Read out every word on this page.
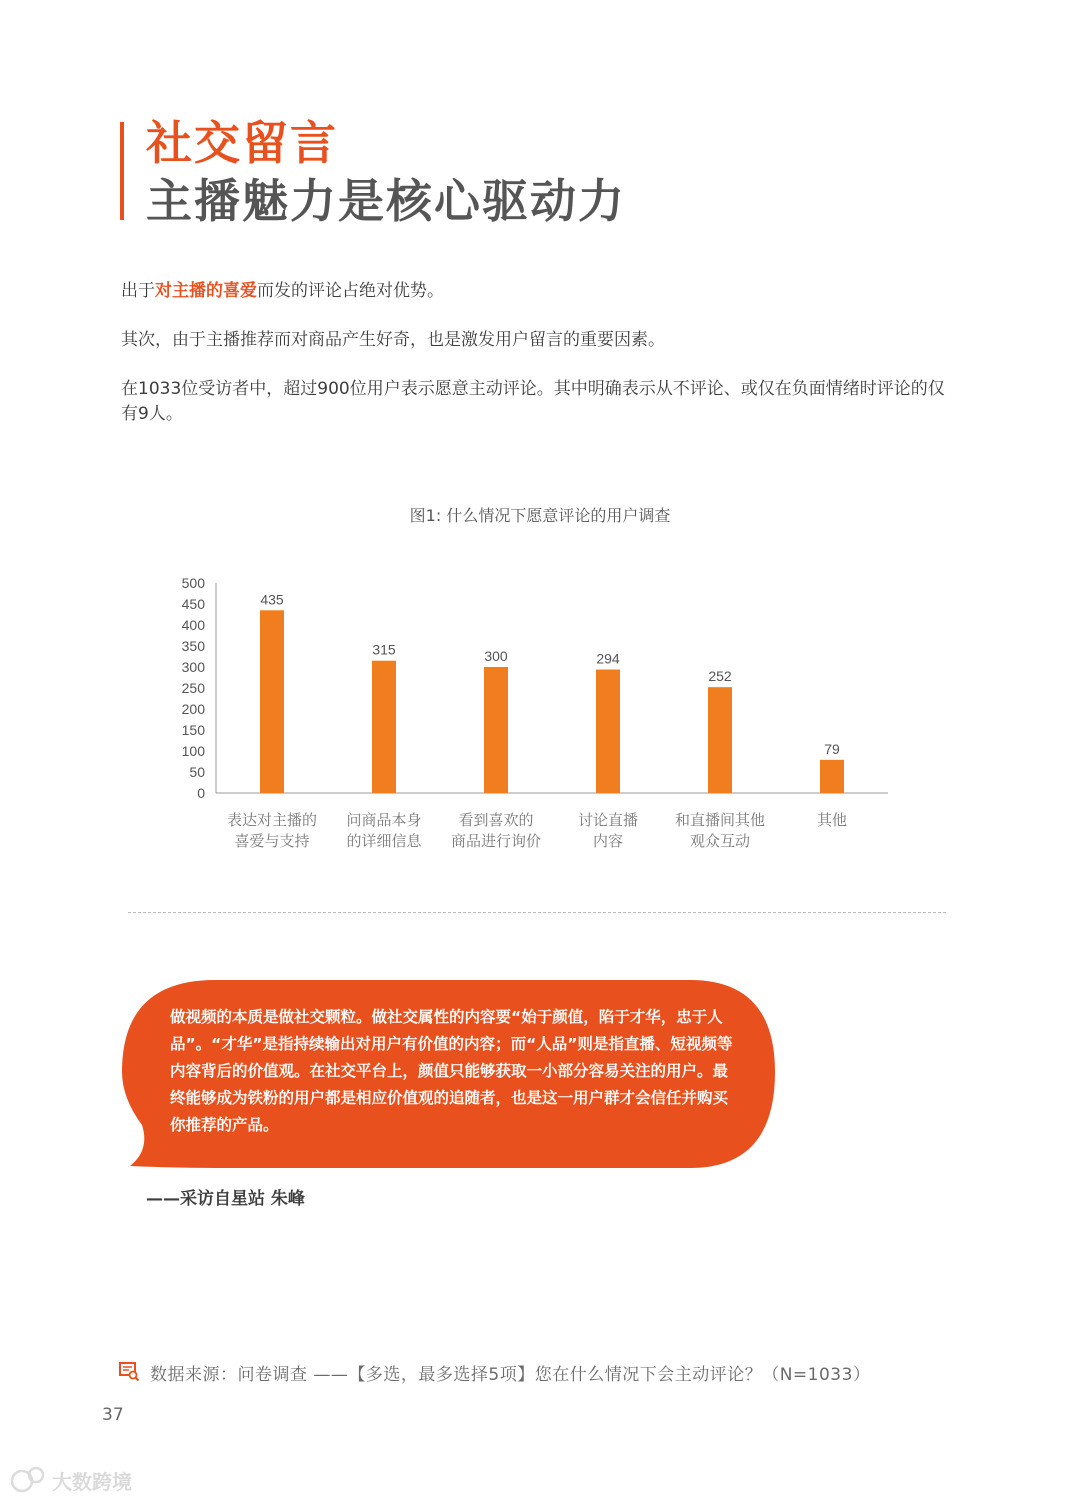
社交留言
主播魅力是核心驱动力
出于对主播的喜爱而发的评论占绝对优势。
其次，由于主播推荐而对商品产生好奇，也是激发用户留言的重要因素。
在1033位受访者中，超过900位用户表示愿意主动评论。其中明确表示从不评论、或仅在负面情绪时评论的仅有9人。
图1: 什么情况下愿意评论的用户调查
0
50
100
150
200
250
300
350
400
450
500
435
表达对主播的
喜爱与支持
315
问商品本身
的详细信息
300
看到喜欢的
商品进行询价
294
讨论直播
内容
252
和直播间其他
观众互动
79
其他
做视频的本质是做社交颗粒。做社交属性的内容要“始于颜值，陷于才华，忠于人品”。“才华”是指持续输出对用户有价值的内容；而“人品”则是指直播、短视频等内容背后的价值观。在社交平台上，颜值只能够获取一小部分容易关注的用户。最终能够成为铁粉的用户都是相应价值观的追随者，也是这一用户群才会信任并购买你推荐的产品。
——采访自星站 朱峰
数据来源：问卷调查 ——【多选，最多选择5项】您在什么情况下会主动评论？（N=1033）
37
大数跨境
